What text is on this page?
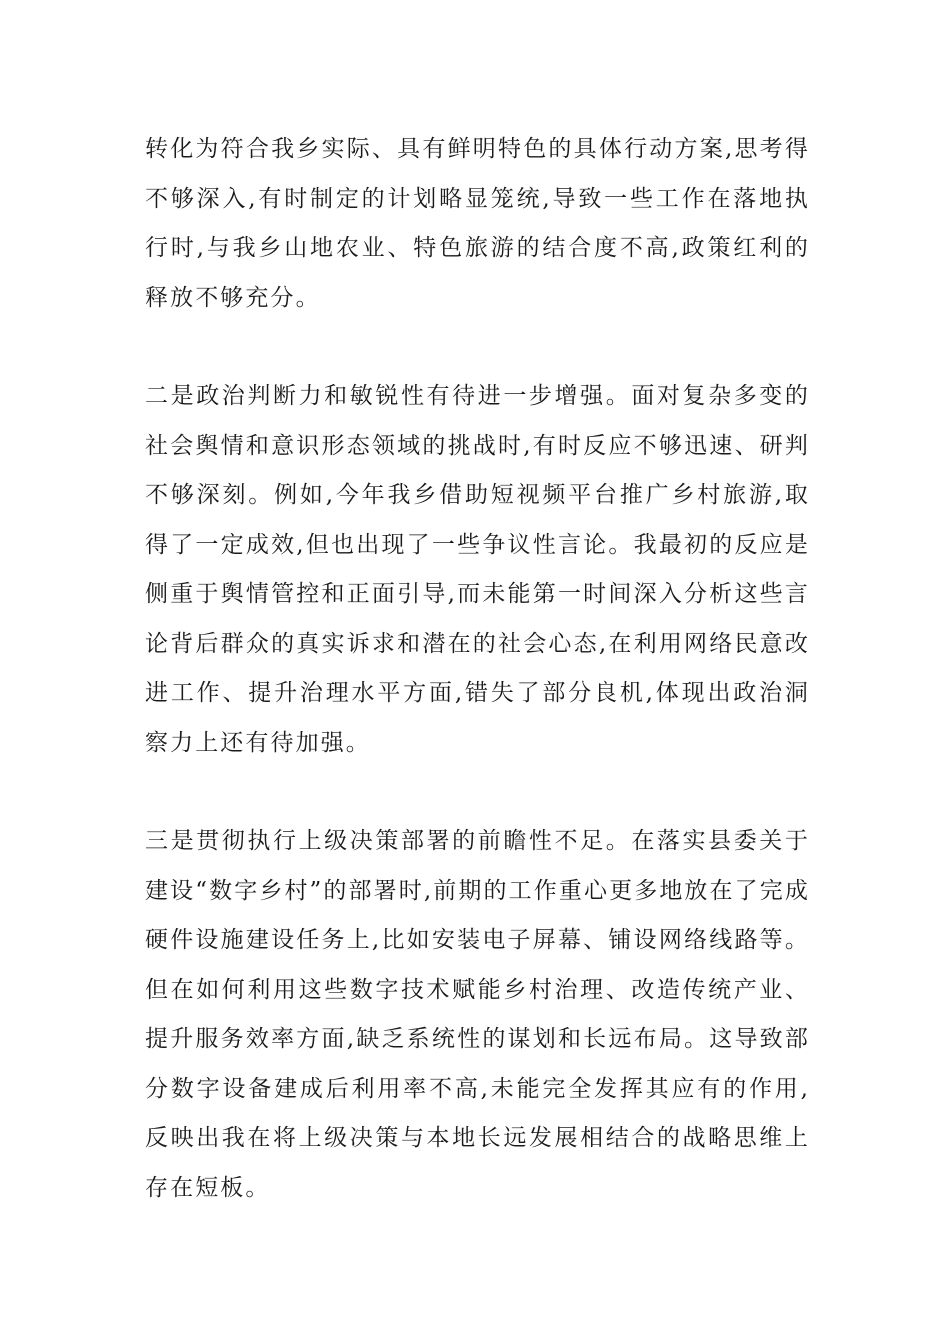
转化为符合我乡实际、具有鲜明特色的具体行动方案,思考得不够深入,有时制定的计划略显笼统,导致一些工作在落地执行时,与我乡山地农业、特色旅游的结合度不高,政策红利的释放不够充分。

二是政治判断力和敏锐性有待进一步增强。面对复杂多变的社会舆情和意识形态领域的挑战时,有时反应不够迅速、研判不够深刻。例如,今年我乡借助短视频平台推广乡村旅游,取得了一定成效,但也出现了一些争议性言论。我最初的反应是侧重于舆情管控和正面引导,而未能第一时间深入分析这些言论背后群众的真实诉求和潜在的社会心态,在利用网络民意改进工作、提升治理水平方面,错失了部分良机,体现出政治洞察力上还有待加强。

三是贯彻执行上级决策部署的前瞻性不足。在落实县委关于建设“数字乡村”的部署时,前期的工作重心更多地放在了完成硬件设施建设任务上,比如安装电子屏幕、铺设网络线路等。但在如何利用这些数字技术赋能乡村治理、改造传统产业、提升服务效率方面,缺乏系统性的谋划和长远布局。这导致部分数字设备建成后利用率不高,未能完全发挥其应有的作用,反映出我在将上级决策与本地长远发展相结合的战略思维上存在短板。
